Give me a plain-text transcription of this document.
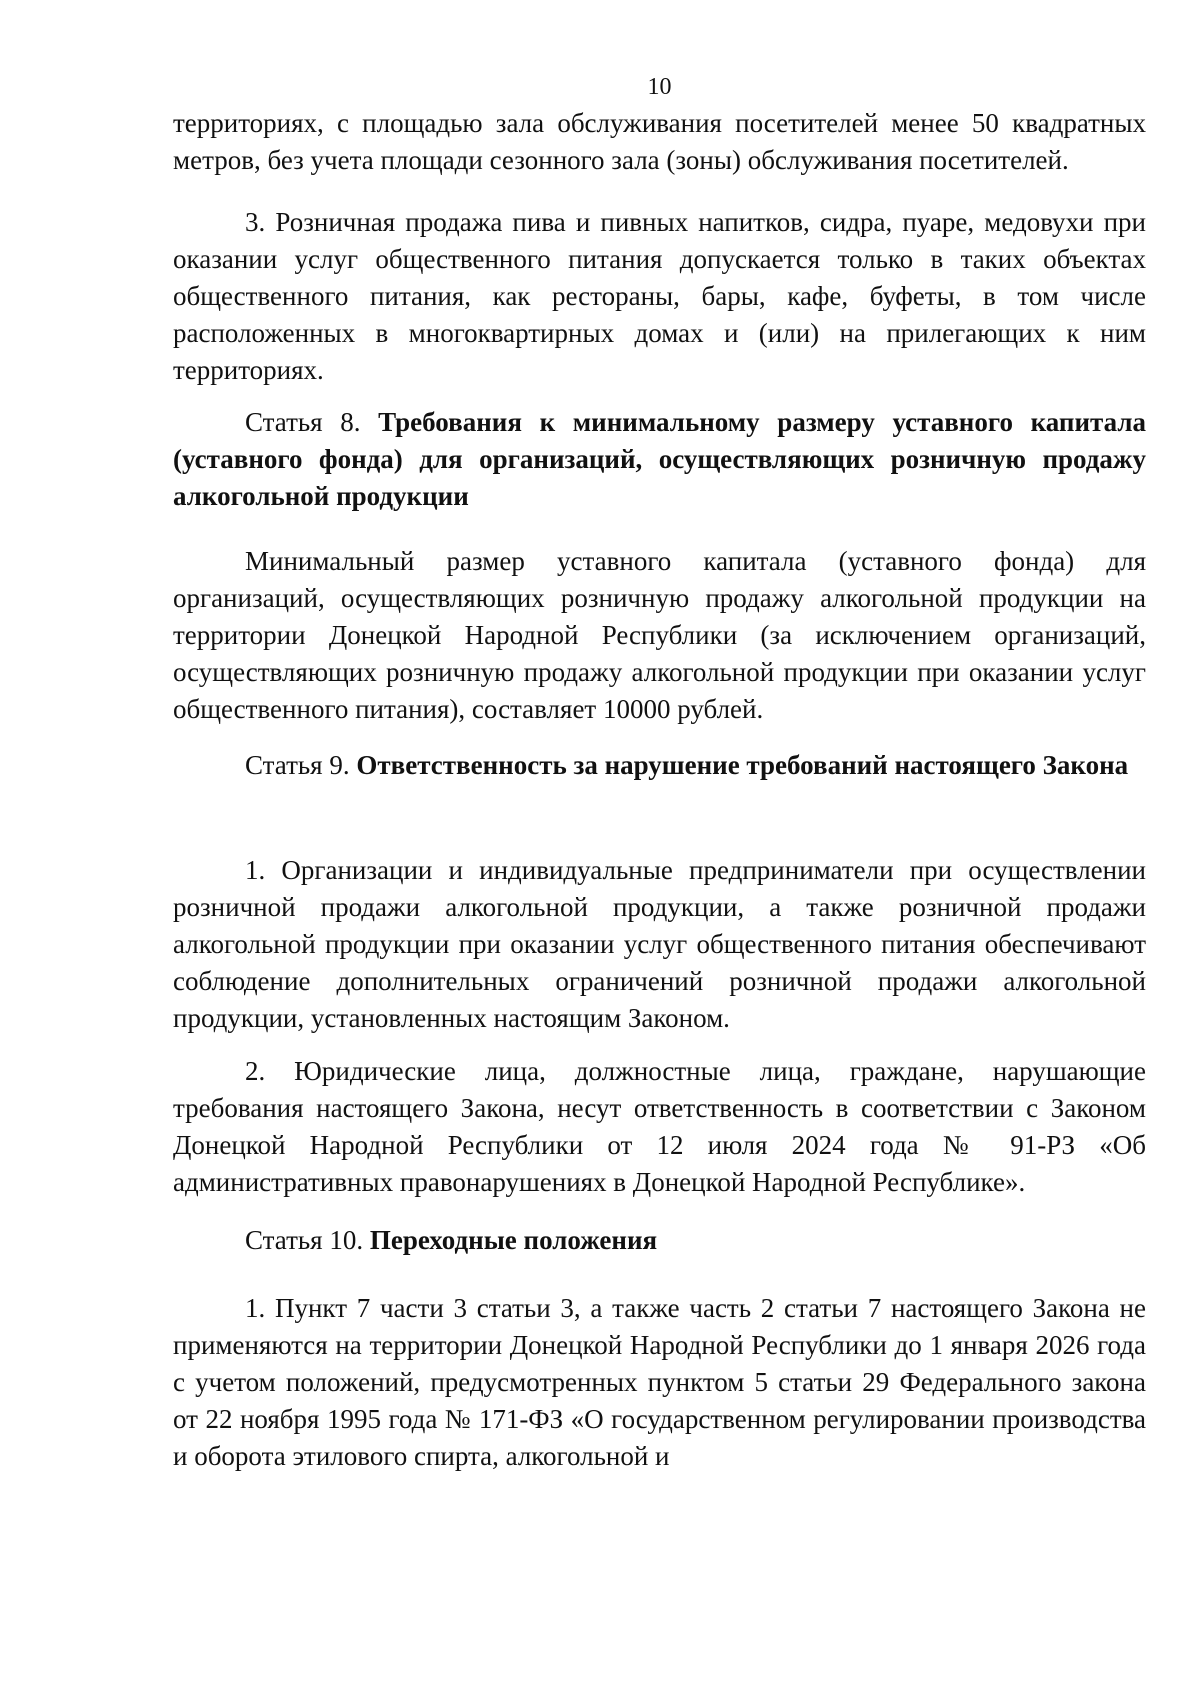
10

территориях, с площадью зала обслуживания посетителей менее 50 квадратных метров, без учета площади сезонного зала (зоны) обслуживания посетителей.

3. Розничная продажа пива и пивных напитков, сидра, пуаре, медовухи при оказании услуг общественного питания допускается только в таких объектах общественного питания, как рестораны, бары, кафе, буфеты, в том числе расположенных в многоквартирных домах и (или) на прилегающих к ним территориях.

Статья 8. Требования к минимальному размеру уставного капитала (уставного фонда) для организаций, осуществляющих розничную продажу алкогольной продукции

Минимальный размер уставного капитала (уставного фонда) для организаций, осуществляющих розничную продажу алкогольной продукции на территории Донецкой Народной Республики (за исключением организаций, осуществляющих розничную продажу алкогольной продукции при оказании услуг общественного питания), составляет 10000 рублей.

Статья 9. Ответственность за нарушение требований настоящего Закона

1. Организации и индивидуальные предприниматели при осуществлении розничной продажи алкогольной продукции, а также розничной продажи алкогольной продукции при оказании услуг общественного питания обеспечивают соблюдение дополнительных ограничений розничной продажи алкогольной продукции, установленных настоящим Законом.

2. Юридические лица, должностные лица, граждане, нарушающие требования настоящего Закона, несут ответственность в соответствии с Законом Донецкой Народной Республики от 12 июля 2024 года № 91-РЗ «Об административных правонарушениях в Донецкой Народной Республике».

Статья 10. Переходные положения

1. Пункт 7 части 3 статьи 3, а также часть 2 статьи 7 настоящего Закона не применяются на территории Донецкой Народной Республики до 1 января 2026 года с учетом положений, предусмотренных пунктом 5 статьи 29 Федерального закона от 22 ноября 1995 года № 171-ФЗ «О государственном регулировании производства и оборота этилового спирта, алкогольной и
